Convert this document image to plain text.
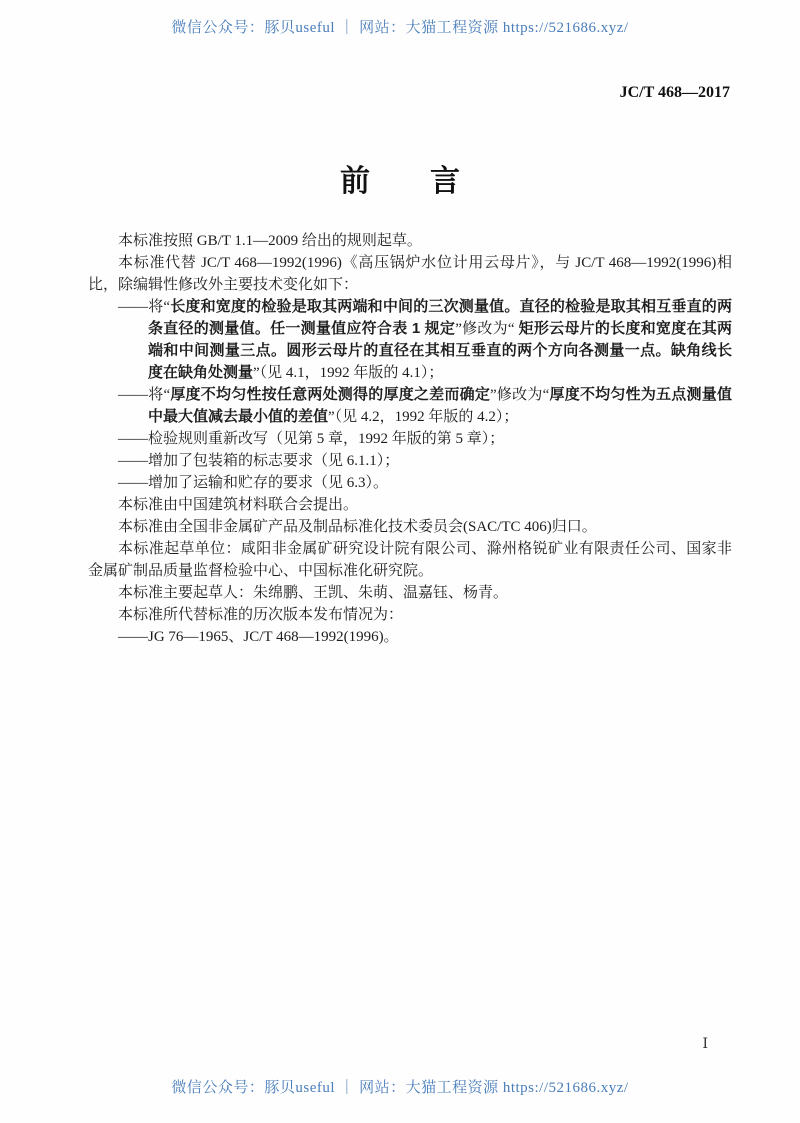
微信公众号：豚贝useful ｜ 网站：大猫工程资源 https://521686.xyz/
JC/T 468—2017
前　　言

本标准按照 GB/T 1.1—2009 给出的规则起草。

本标准代替 JC/T 468—1992(1996)《高压锅炉水位计用云母片》，与 JC/T 468—1992(1996)相比，除编辑性修改外主要技术变化如下：

——将“长度和宽度的检验是取其两端和中间的三次测量值。直径的检验是取其相互垂直的两条直径的测量值。任一测量值应符合表 1 规定”修改为“ 矩形云母片的长度和宽度在其两端和中间测量三点。圆形云母片的直径在其相互垂直的两个方向各测量一点。缺角线长度在缺角处测量”（见 4.1，1992 年版的 4.1）；

——将“厚度不均匀性按任意两处测得的厚度之差而确定”修改为“厚度不均匀性为五点测量值中最大值减去最小值的差值”（见 4.2，1992 年版的 4.2）；

——检验规则重新改写（见第 5 章，1992 年版的第 5 章）；

——增加了包装箱的标志要求（见 6.1.1）；

——增加了运输和贮存的要求（见 6.3）。

本标准由中国建筑材料联合会提出。

本标准由全国非金属矿产品及制品标准化技术委员会(SAC/TC 406)归口。

本标准起草单位：咸阳非金属矿研究设计院有限公司、滁州格锐矿业有限责任公司、国家非金属矿制品质量监督检验中心、中国标准化研究院。

本标准主要起草人：朱绵鹏、王凯、朱萌、温嘉钰、杨青。

本标准所代替标准的历次版本发布情况为：

——JG 76—1965、JC/T 468—1992(1996)。

Ⅰ
微信公众号：豚贝useful ｜ 网站：大猫工程资源 https://521686.xyz/
